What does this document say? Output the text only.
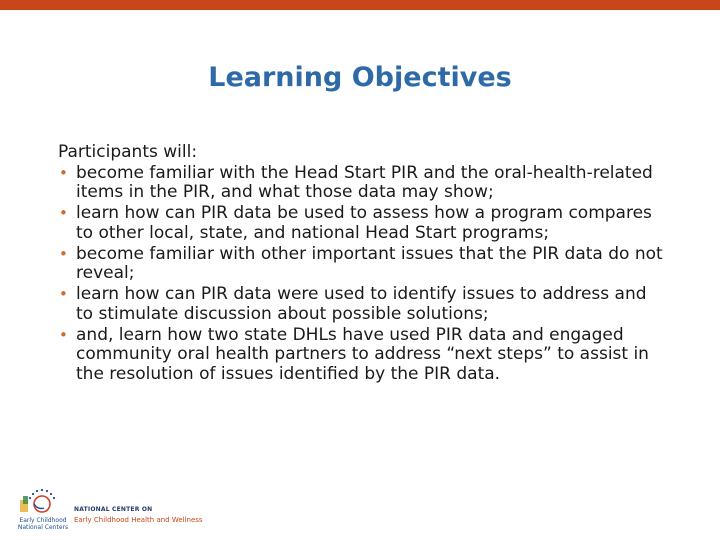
Learning Objectives
Participants will:
• become familiar with the Head Start PIR and the oral-health-related items in the PIR, and what those data may show;
• learn how can PIR data be used to assess how a program compares to other local, state, and national Head Start programs;
• become familiar with other important issues that the PIR data do not reveal;
• learn how can PIR data were used to identify issues to address and to stimulate discussion about possible solutions;
• and, learn how two state DHLs have used PIR data and engaged community oral health partners to address “next steps” to assist in the resolution of issues identified by the PIR data.
Early Childhood National Centers
NATIONAL CENTER ON
Early Childhood Health and Wellness
